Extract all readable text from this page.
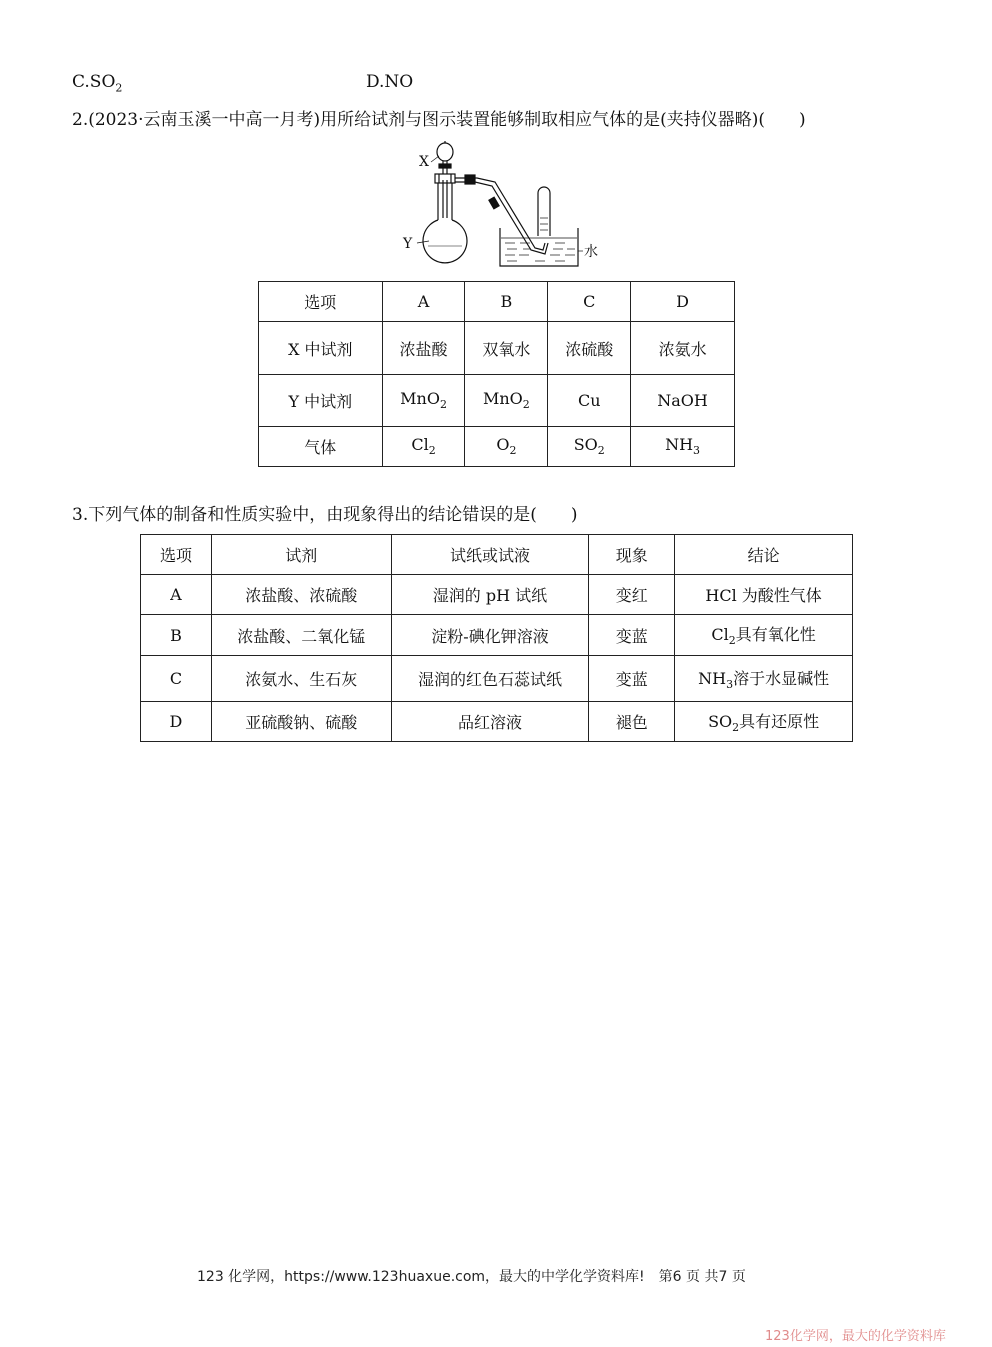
$C.SO_2$	D.NO
2.(2023·云南玉溪一中高一月考)用所给试剂与图示装置能够制取相应气体的是(夹持仪器略)(　　)
X
Y	水
选项	A	B	C	D
X 中试剂	浓盐酸	双氧水	浓硫酸	浓氨水
Y 中试剂	MnO$_2$	MnO$_2$	Cu	NaOH
气体	$Cl_2$	$O_2$	$SO_2$	$NH_3$
3.下列气体的制备和性质实验中，由现象得出的结论错误的是(　　)
选项	试剂	试纸或试液	现象	结论
A	浓盐酸、浓硫酸	湿润的 pH 试纸	变红	HCl 为酸性气体
B	浓盐酸、二氧化锰	淀粉-碘化钾溶液	变蓝	$Cl_2$具有氧化性
C	浓氨水、生石灰	湿润的红色石蕊试纸	变蓝	$NH_3$溶于水显碱性
D	亚硫酸钠、硫酸	品红溶液	褪色	$SO_2$具有还原性
123 化学网，https://www.123huaxue.com，最大的中学化学资料库!　第6 页 共7 页
123化学网，最大的化学资料库
